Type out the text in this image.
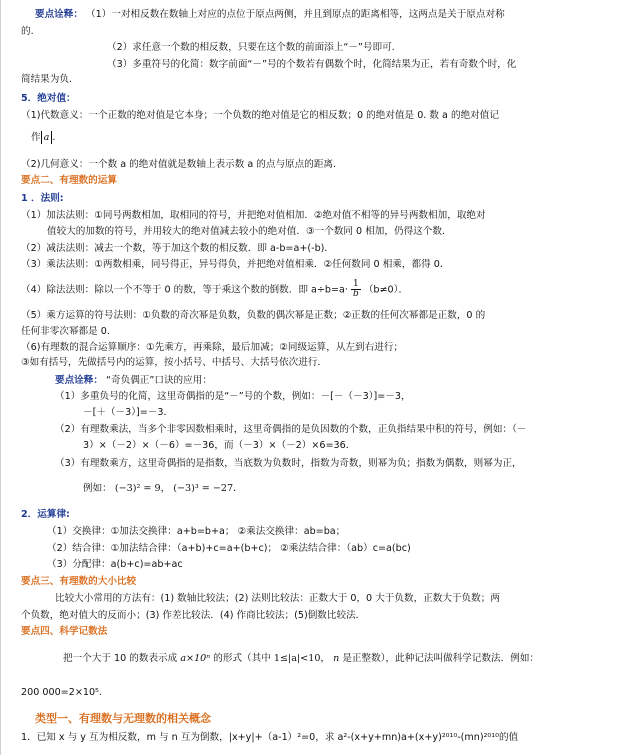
要点诠释： （1）一对相反数在数轴上对应的点位于原点两侧，并且到原点的距离相等，这两点是关于原点对称
的.
（2）求任意一个数的相反数，只要在这个数的前面添上“－”号即可.
（3）多重符号的化简：数字前面“－”号的个数若有偶数个时，化简结果为正，若有奇数个时，化
简结果为负.
5．绝对值：
（1)代数意义：一个正数的绝对值是它本身；一个负数的绝对值是它的相反数；0 的绝对值是 0. 数 a 的绝对值记
作 a .
（2)几何意义：一个数 a 的绝对值就是数轴上表示数 a 的点与原点的距离.
要点二、有理数的运算
1 ．法则:
（1）加法法则：①同号两数相加，取相同的符号，并把绝对值相加．②绝对值不相等的异号两数相加，取绝对
值较大的加数的符号，并用较大的绝对值减去较小的绝对值．③一个数同 0 相加，仍得这个数．
（2）减法法则：减去一个数，等于加这个数的相反数．即 a-b=a+(-b)．
（3）乘法法则：①两数相乘，同号得正，异号得负，并把绝对值相乘．②任何数同 0 相乘，都得 0．
（4）除法法则：除以一个不等于 0 的数，等于乘这个数的倒数．即 $a\div b=a\cdot \frac{1}{b} (b\ne 0)$．
（5）乘方运算的符号法则：①负数的奇次幂是负数，负数的偶次幂是正数；②正数的任何次幂都是正数，0 的
任何非零次幂都是 0．
（6)有理数的混合运算顺序：①先乘方，再乘除，最后加减；②同级运算，从左到右进行；
③如有括号，先做括号内的运算，按小括号、中括号、大括号依次进行．
要点诠释： “奇负偶正”口诀的应用：
（1）多重负号的化简，这里奇偶指的是“－”号的个数，例如：－[－（－3）]=－3，
－[＋（－3）]=－3．
（2）有理数乘法，当多个非零因数相乘时，这里奇偶指的是负因数的个数，正负指结果中积的符号，例如：（－
3）×（－2）×（－6）=－36，而（－3）×（－2）×6=36．
（3）有理数乘方，这里奇偶指的是指数，当底数为负数时，指数为奇数，则幂为负；指数为偶数，则幂为正，
例如： (−3)² = 9， (−3)³ = −27．
2．运算律:
（1）交换律：①加法交换律：a+b=b+a； ②乘法交换律：ab=ba；
（2）结合律：①加法结合律：（a+b)+c=a+(b+c)； ②乘法结合律：（ab）c=a(bc)
（3）分配律：a(b+c)=ab+ac
要点三、有理数的大小比较
比较大小常用的方法有：(1) 数轴比较法；(2) 法则比较法：正数大于 0，0 大于负数，正数大于负数；两
个负数，绝对值大的反而小；(3) 作差比较法．(4) 作商比较法；(5)倒数比较法．
要点四、科学记数法
把一个大于 10 的数表示成 a×10ⁿ 的形式（其中 1≤|a|<10， n 是正整数），此种记法叫做科学记数法．例如：
200 000=2×10⁵.
类型一、有理数与无理数的相关概念
1．已知 x 与 y 互为相反数，m 与 n 互为倒数，|x+y|+（a-1）²=0，求 a²-(x+y+mn)a+(x+y)²⁰¹⁰-(mn)²⁰¹⁰的值
